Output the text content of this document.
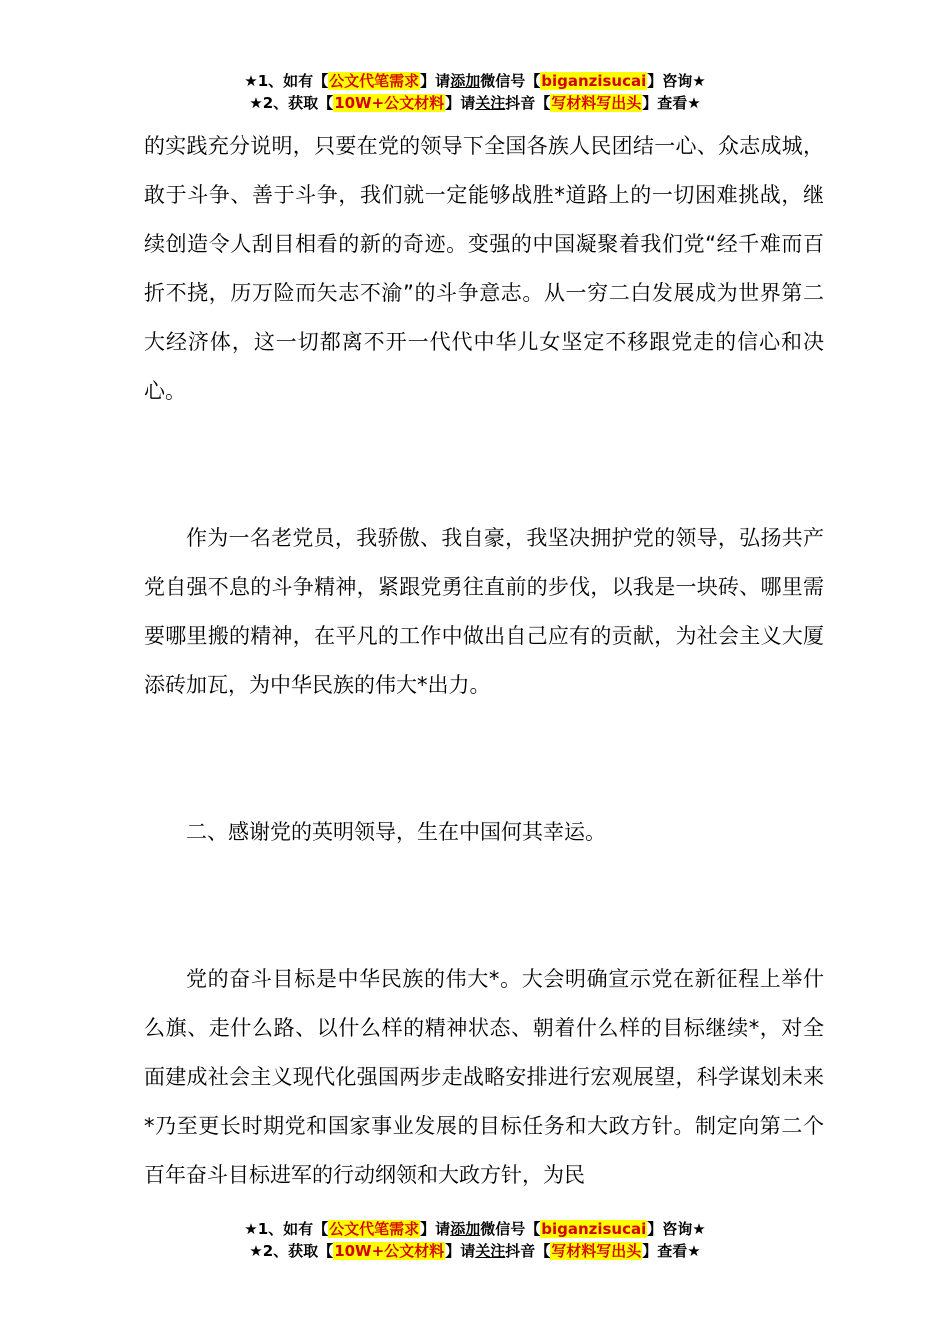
★1、如有【公文代笔需求】请添加微信号【biganzisucai】咨询★
★2、获取【10W+公文材料】请关注抖音【写材料写出头】查看★

的实践充分说明，只要在党的领导下全国各族人民团结一心、众志成城，敢于斗争、善于斗争，我们就一定能够战胜*道路上的一切困难挑战，继续创造令人刮目相看的新的奇迹。变强的中国凝聚着我们党“经千难而百折不挠，历万险而矢志不渝”的斗争意志。从一穷二白发展成为世界第二大经济体，这一切都离不开一代代中华儿女坚定不移跟党走的信心和决心。

作为一名老党员，我骄傲、我自豪，我坚决拥护党的领导，弘扬共产党自强不息的斗争精神，紧跟党勇往直前的步伐，以我是一块砖、哪里需要哪里搬的精神，在平凡的工作中做出自己应有的贡献，为社会主义大厦添砖加瓦，为中华民族的伟大*出力。

二、感谢党的英明领导，生在中国何其幸运。

党的奋斗目标是中华民族的伟大*。大会明确宣示党在新征程上举什么旗、走什么路、以什么样的精神状态、朝着什么样的目标继续*，对全面建成社会主义现代化强国两步走战略安排进行宏观展望，科学谋划未来*乃至更长时期党和国家事业发展的目标任务和大政方针。制定向第二个百年奋斗目标进军的行动纲领和大政方针，为民

★1、如有【公文代笔需求】请添加微信号【biganzisucai】咨询★
★2、获取【10W+公文材料】请关注抖音【写材料写出头】查看★
